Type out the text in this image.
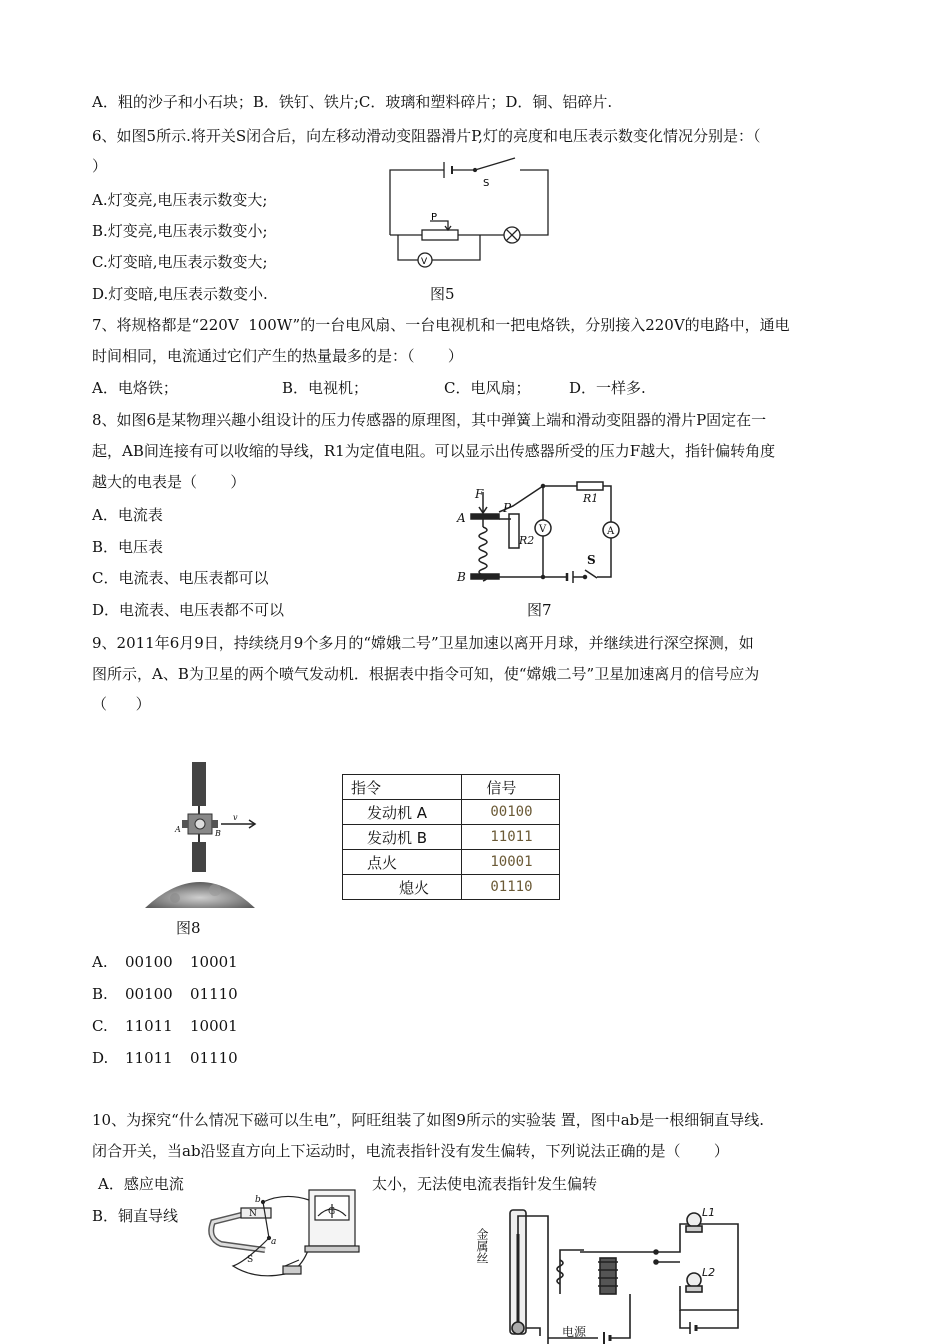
A．粗的沙子和小石块；B．铁钉、铁片;C．玻璃和塑料碎片；D．铜、铝碎片.
6、如图5所示.将开关S闭合后，向左移动滑动变阻器滑片P,灯的亮度和电压表示数变化情况分别是：（
）
A.灯变亮,电压表示数变大;
B.灯变亮,电压表示数变小;
C.灯变暗,电压表示数变大;
D.灯变暗,电压表示数变小.
S
P
V
图5
7、将规格都是“220V  100W”的一台电风扇、一台电视机和一把电烙铁，分别接入220V的电路中，通电
时间相同，电流通过它们产生的热量最多的是：（       ）
A．电烙铁；	B．电视机；	C．电风扇；	D．一样多.
8、如图6是某物理兴趣小组设计的压力传感器的原理图，其中弹簧上端和滑动变阻器的滑片P固定在一
起，AB间连接有可以收缩的导线，R1为定值电阻。可以显示出传感器所受的压力F越大，指针偏转角度
越大的电表是（       ）
A．电流表
B．电压表
C．电流表、电压表都可以
D．电流表、电压表都不可以
F
A
B
P
R1
R2
V	A
S
图7
9、2011年6月9日，持续绕月9个多月的“嫦娥二号”卫星加速以离开月球，并继续进行深空探测，如
图所示，A、B为卫星的两个喷气发动机．根据表中指令可知，使“嫦娥二号”卫星加速离月的信号应为
（      ）
v
A	B
图8
指令	信号
发动机 A	00100
发动机 B	11011
点火	10001
熄火	01110
A. 00100 10001
B. 00100 01110
C. 11011 10001
D. 11011 01110
10、为探究“什么情况下磁可以生电”，阿旺组装了如图9所示的实验装 置，图中ab是一根细铜直导线.
闭合开关，当ab沿竖直方向上下运动时，电流表指针没有发生偏转，下列说法正确的是（       ）
A．感应电流	太小，无法使电流表指针发生偏转
B．铜直导线	N
S
G
a
b
金属丝
电源
L1
L2
